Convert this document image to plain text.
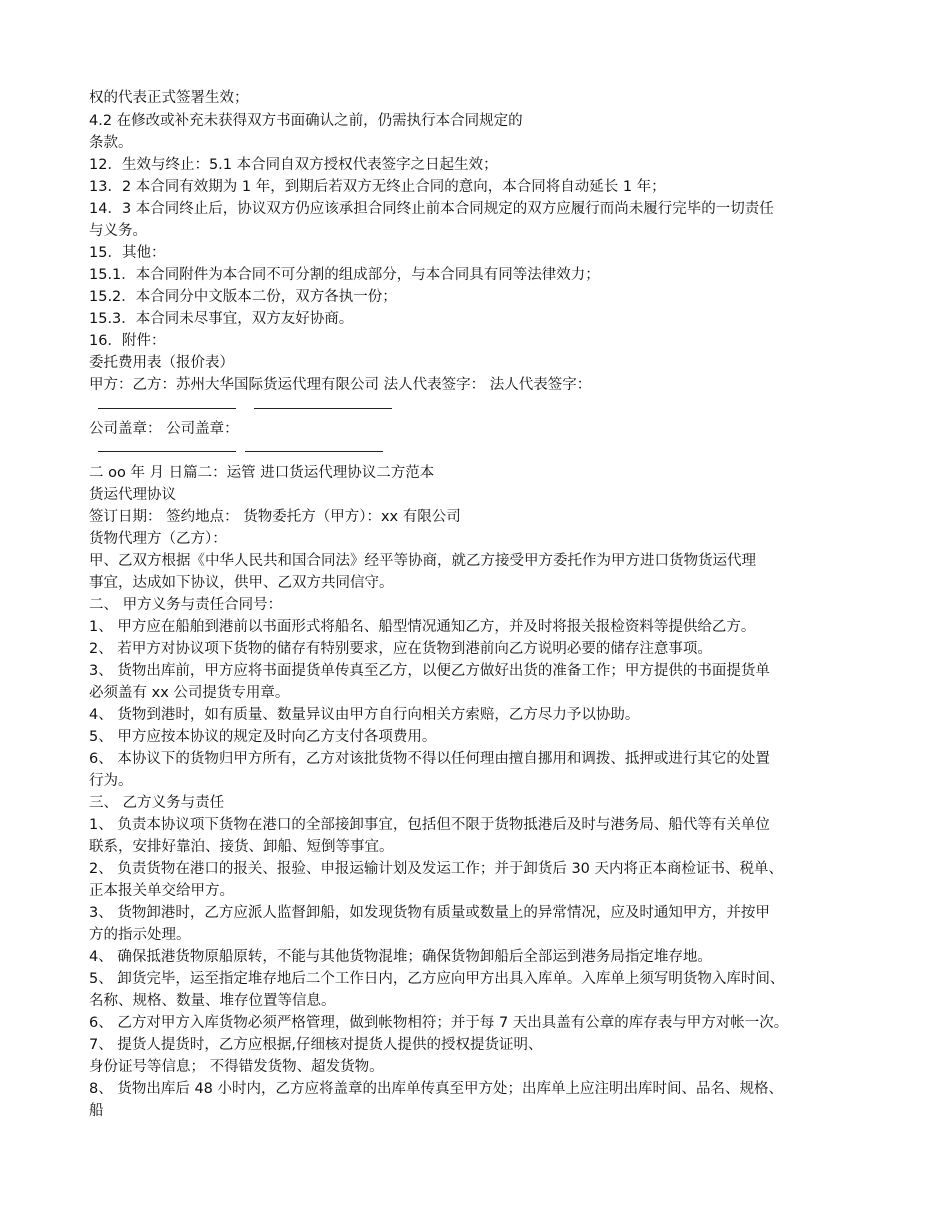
权的代表正式签署生效；
4.2 在修改或补充未获得双方书面确认之前，仍需执行本合同规定的
条款。
12．生效与终止：5.1 本合同自双方授权代表签字之日起生效；
13．2 本合同有效期为 1 年，到期后若双方无终止合同的意向，本合同将自动延长 1 年；
14．3 本合同终止后，协议双方仍应该承担合同终止前本合同规定的双方应履行而尚未履行完毕的一切责任
与义务。
15．其他：
15.1．本合同附件为本合同不可分割的组成部分，与本合同具有同等法律效力；
15.2．本合同分中文版本二份，双方各执一份；
15.3．本合同未尽事宜，双方友好协商。
16．附件：
委托费用表（报价表）
甲方：乙方：苏州大华国际货运代理有限公司 法人代表签字： 法人代表签字：
公司盖章： 公司盖章：
二 oo 年 月 日篇二：运管 进口货运代理协议二方范本
货运代理协议
签订日期： 签约地点： 货物委托方（甲方）：xx 有限公司
货物代理方（乙方）：
甲、乙双方根据《中华人民共和国合同法》经平等协商，就乙方接受甲方委托作为甲方进口货物货运代理
事宜，达成如下协议，供甲、乙双方共同信守。
二、 甲方义务与责任合同号：
1、 甲方应在船舶到港前以书面形式将船名、船型情况通知乙方，并及时将报关报检资料等提供给乙方。
2、 若甲方对协议项下货物的储存有特别要求，应在货物到港前向乙方说明必要的储存注意事项。
3、 货物出库前，甲方应将书面提货单传真至乙方，以便乙方做好出货的准备工作；甲方提供的书面提货单
必须盖有 xx 公司提货专用章。
4、 货物到港时，如有质量、数量异议由甲方自行向相关方索赔，乙方尽力予以协助。
5、 甲方应按本协议的规定及时向乙方支付各项费用。
6、 本协议下的货物归甲方所有，乙方对该批货物不得以任何理由擅自挪用和调拨、抵押或进行其它的处置
行为。
三、 乙方义务与责任
1、 负责本协议项下货物在港口的全部接卸事宜，包括但不限于货物抵港后及时与港务局、船代等有关单位
联系，安排好靠泊、接货、卸船、短倒等事宜。
2、 负责货物在港口的报关、报验、申报运输计划及发运工作；并于卸货后 30 天内将正本商检证书、税单、
正本报关单交给甲方。
3、 货物卸港时，乙方应派人监督卸船，如发现货物有质量或数量上的异常情况，应及时通知甲方，并按甲
方的指示处理。
4、 确保抵港货物原船原转，不能与其他货物混堆；确保货物卸船后全部运到港务局指定堆存地。
5、 卸货完毕，运至指定堆存地后二个工作日内，乙方应向甲方出具入库单。入库单上须写明货物入库时间、
名称、规格、数量、堆存位置等信息。
6、 乙方对甲方入库货物必须严格管理，做到帐物相符；并于每 7 天出具盖有公章的库存表与甲方对帐一次。
7、 提货人提货时，乙方应根据,仔细核对提货人提供的授权提货证明、
身份证号等信息； 不得错发货物、超发货物。
8、 货物出库后 48 小时内，乙方应将盖章的出库单传真至甲方处；出库单上应注明出库时间、品名、规格、
船
